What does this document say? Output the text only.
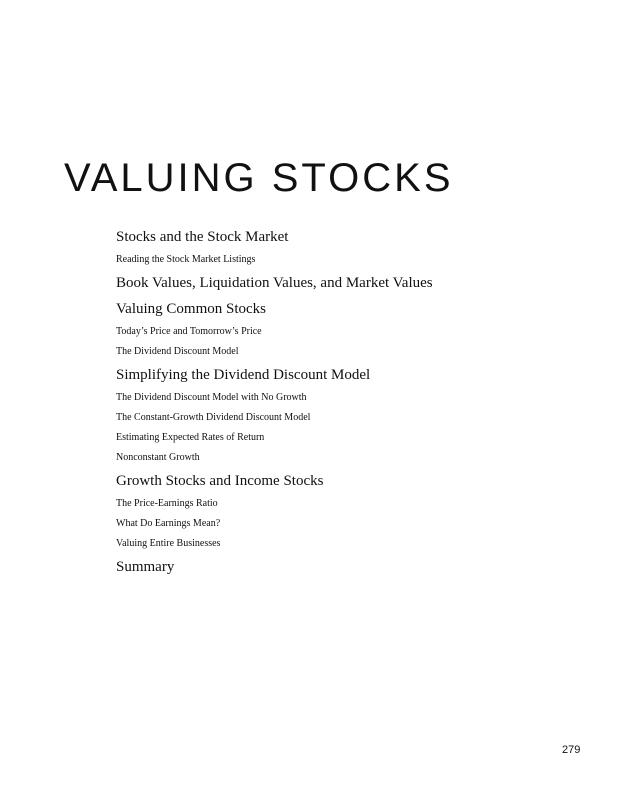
VALUING STOCKS
Stocks and the Stock Market
Reading the Stock Market Listings
Book Values, Liquidation Values, and Market Values
Valuing Common Stocks
Today’s Price and Tomorrow’s Price
The Dividend Discount Model
Simplifying the Dividend Discount Model
The Dividend Discount Model with No Growth
The Constant-Growth Dividend Discount Model
Estimating Expected Rates of Return
Nonconstant Growth
Growth Stocks and Income Stocks
The Price-Earnings Ratio
What Do Earnings Mean?
Valuing Entire Businesses
Summary
279
